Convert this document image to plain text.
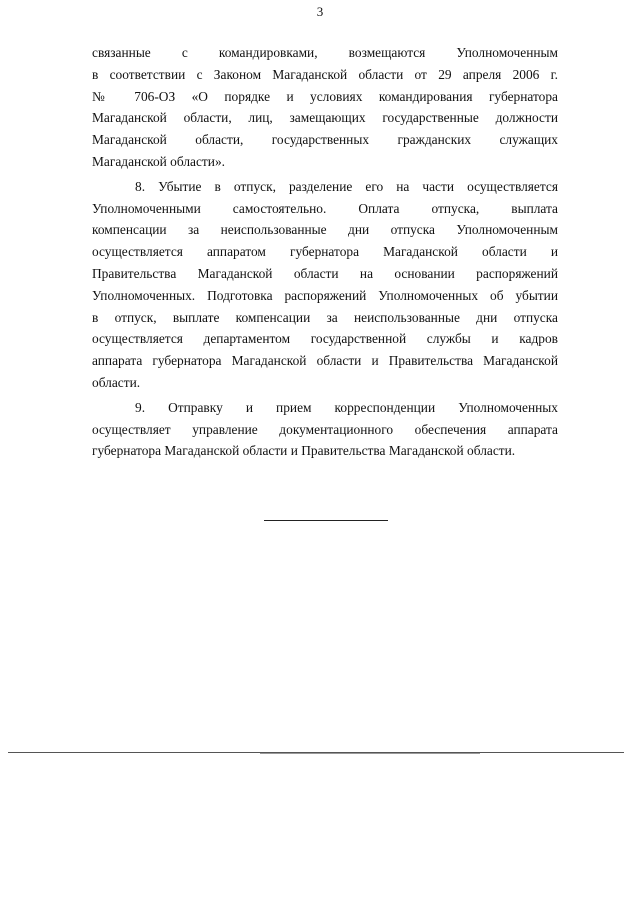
3

связанные с командировками, возмещаются Уполномоченным
в соответствии с Законом Магаданской области от 29 апреля 2006 г.
№ 706-ОЗ «О порядке и условиях командирования губернатора
Магаданской области, лиц, замещающих государственные должности
Магаданской области, государственных гражданских служащих
Магаданской области».

8. Убытие в отпуск, разделение его на части осуществляется
Уполномоченными самостоятельно. Оплата отпуска, выплата
компенсации за неиспользованные дни отпуска Уполномоченным
осуществляется аппаратом губернатора Магаданской области и
Правительства Магаданской области на основании распоряжений
Уполномоченных. Подготовка распоряжений Уполномоченных об убытии
в отпуск, выплате компенсации за неиспользованные дни отпуска
осуществляется департаментом государственной службы и кадров
аппарата губернатора Магаданской области и Правительства Магаданской
области.

9. Отправку и прием корреспонденции Уполномоченных
осуществляет управление документационного обеспечения аппарата
губернатора Магаданской области и Правительства Магаданской области.
